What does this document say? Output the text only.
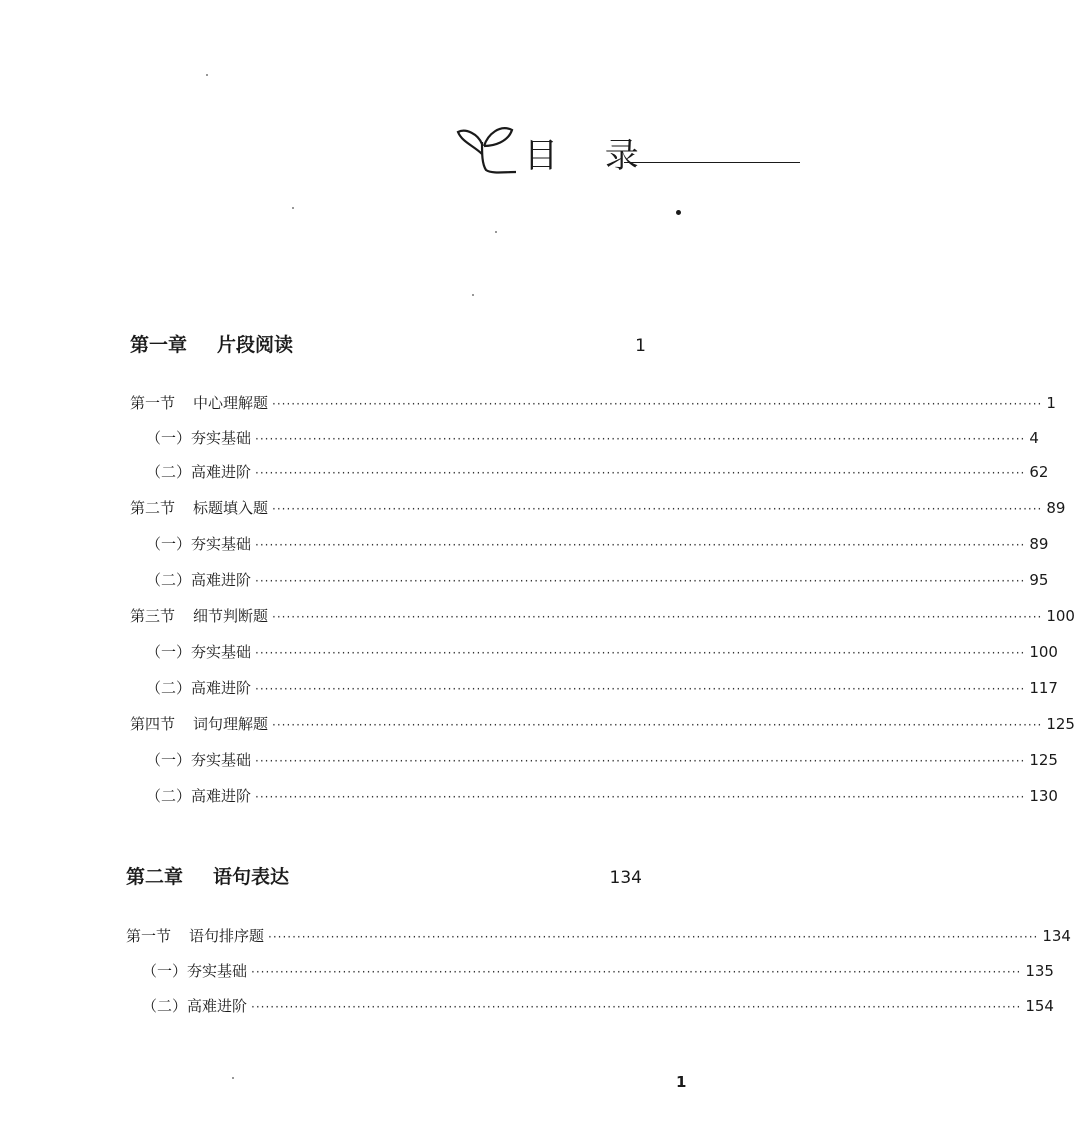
目 录
第一章 片段阅读	1
第一节 中心理解题 ································································································································································ 1
（一）夯实基础 ································································································································································ 4
（二）高难进阶 ································································································································································ 62
第二节 标题填入题 ································································································································································ 89
（一）夯实基础 ································································································································································ 89
（二）高难进阶 ································································································································································ 95
第三节 细节判断题 ································································································································································ 100
（一）夯实基础 ································································································································································ 100
（二）高难进阶 ································································································································································ 117
第四节 词句理解题 ································································································································································ 125
（一）夯实基础 ································································································································································ 125
（二）高难进阶 ································································································································································ 130
第二章 语句表达	134
第一节 语句排序题 ································································································································································ 134
（一）夯实基础 ································································································································································ 135
（二）高难进阶 ································································································································································ 154
1
